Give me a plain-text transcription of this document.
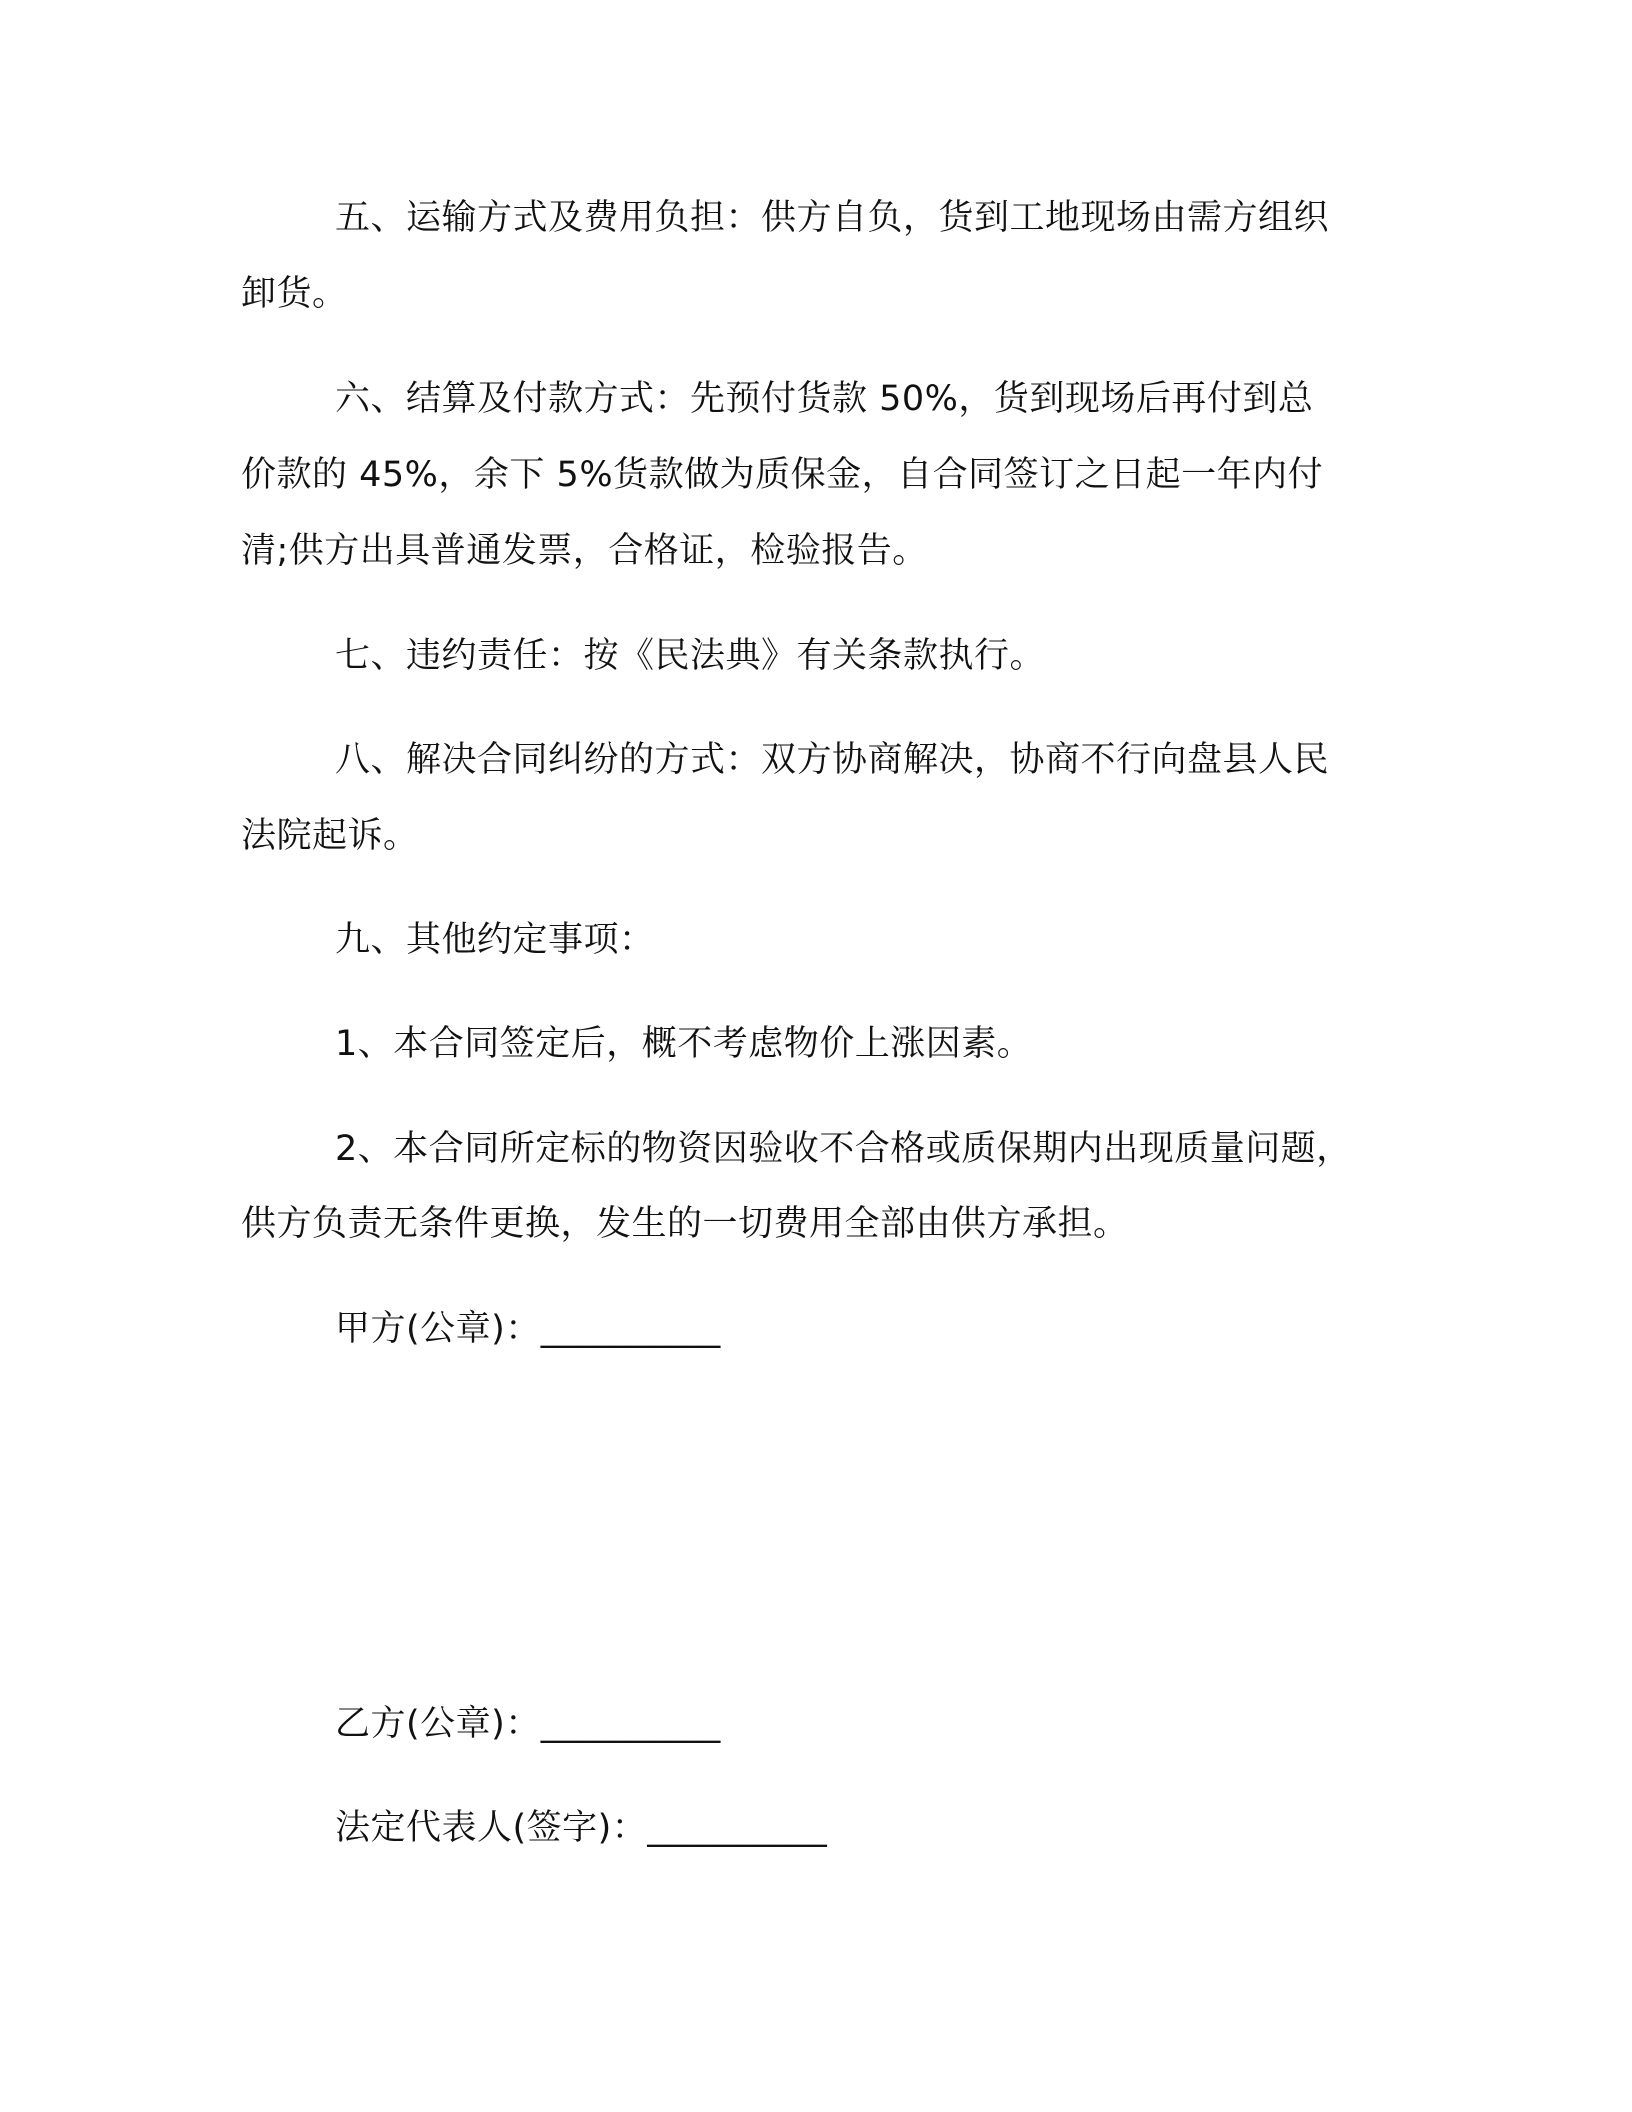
五、运输方式及费用负担：供方自负，货到工地现场由需方组织
卸货。
六、结算及付款方式：先预付货款 50%，货到现场后再付到总
价款的 45%，余下 5%货款做为质保金，自合同签订之日起一年内付
清;供方出具普通发票，合格证，检验报告。
七、违约责任：按《民法典》有关条款执行。
八、解决合同纠纷的方式：双方协商解决，协商不行向盘县人民
法院起诉。
九、其他约定事项：
1、本合同签定后，概不考虑物价上涨因素。
2、本合同所定标的物资因验收不合格或质保期内出现质量问题，
供方负责无条件更换，发生的一切费用全部由供方承担。
甲方(公章)：__________
乙方(公章)：__________
法定代表人(签字)：__________
